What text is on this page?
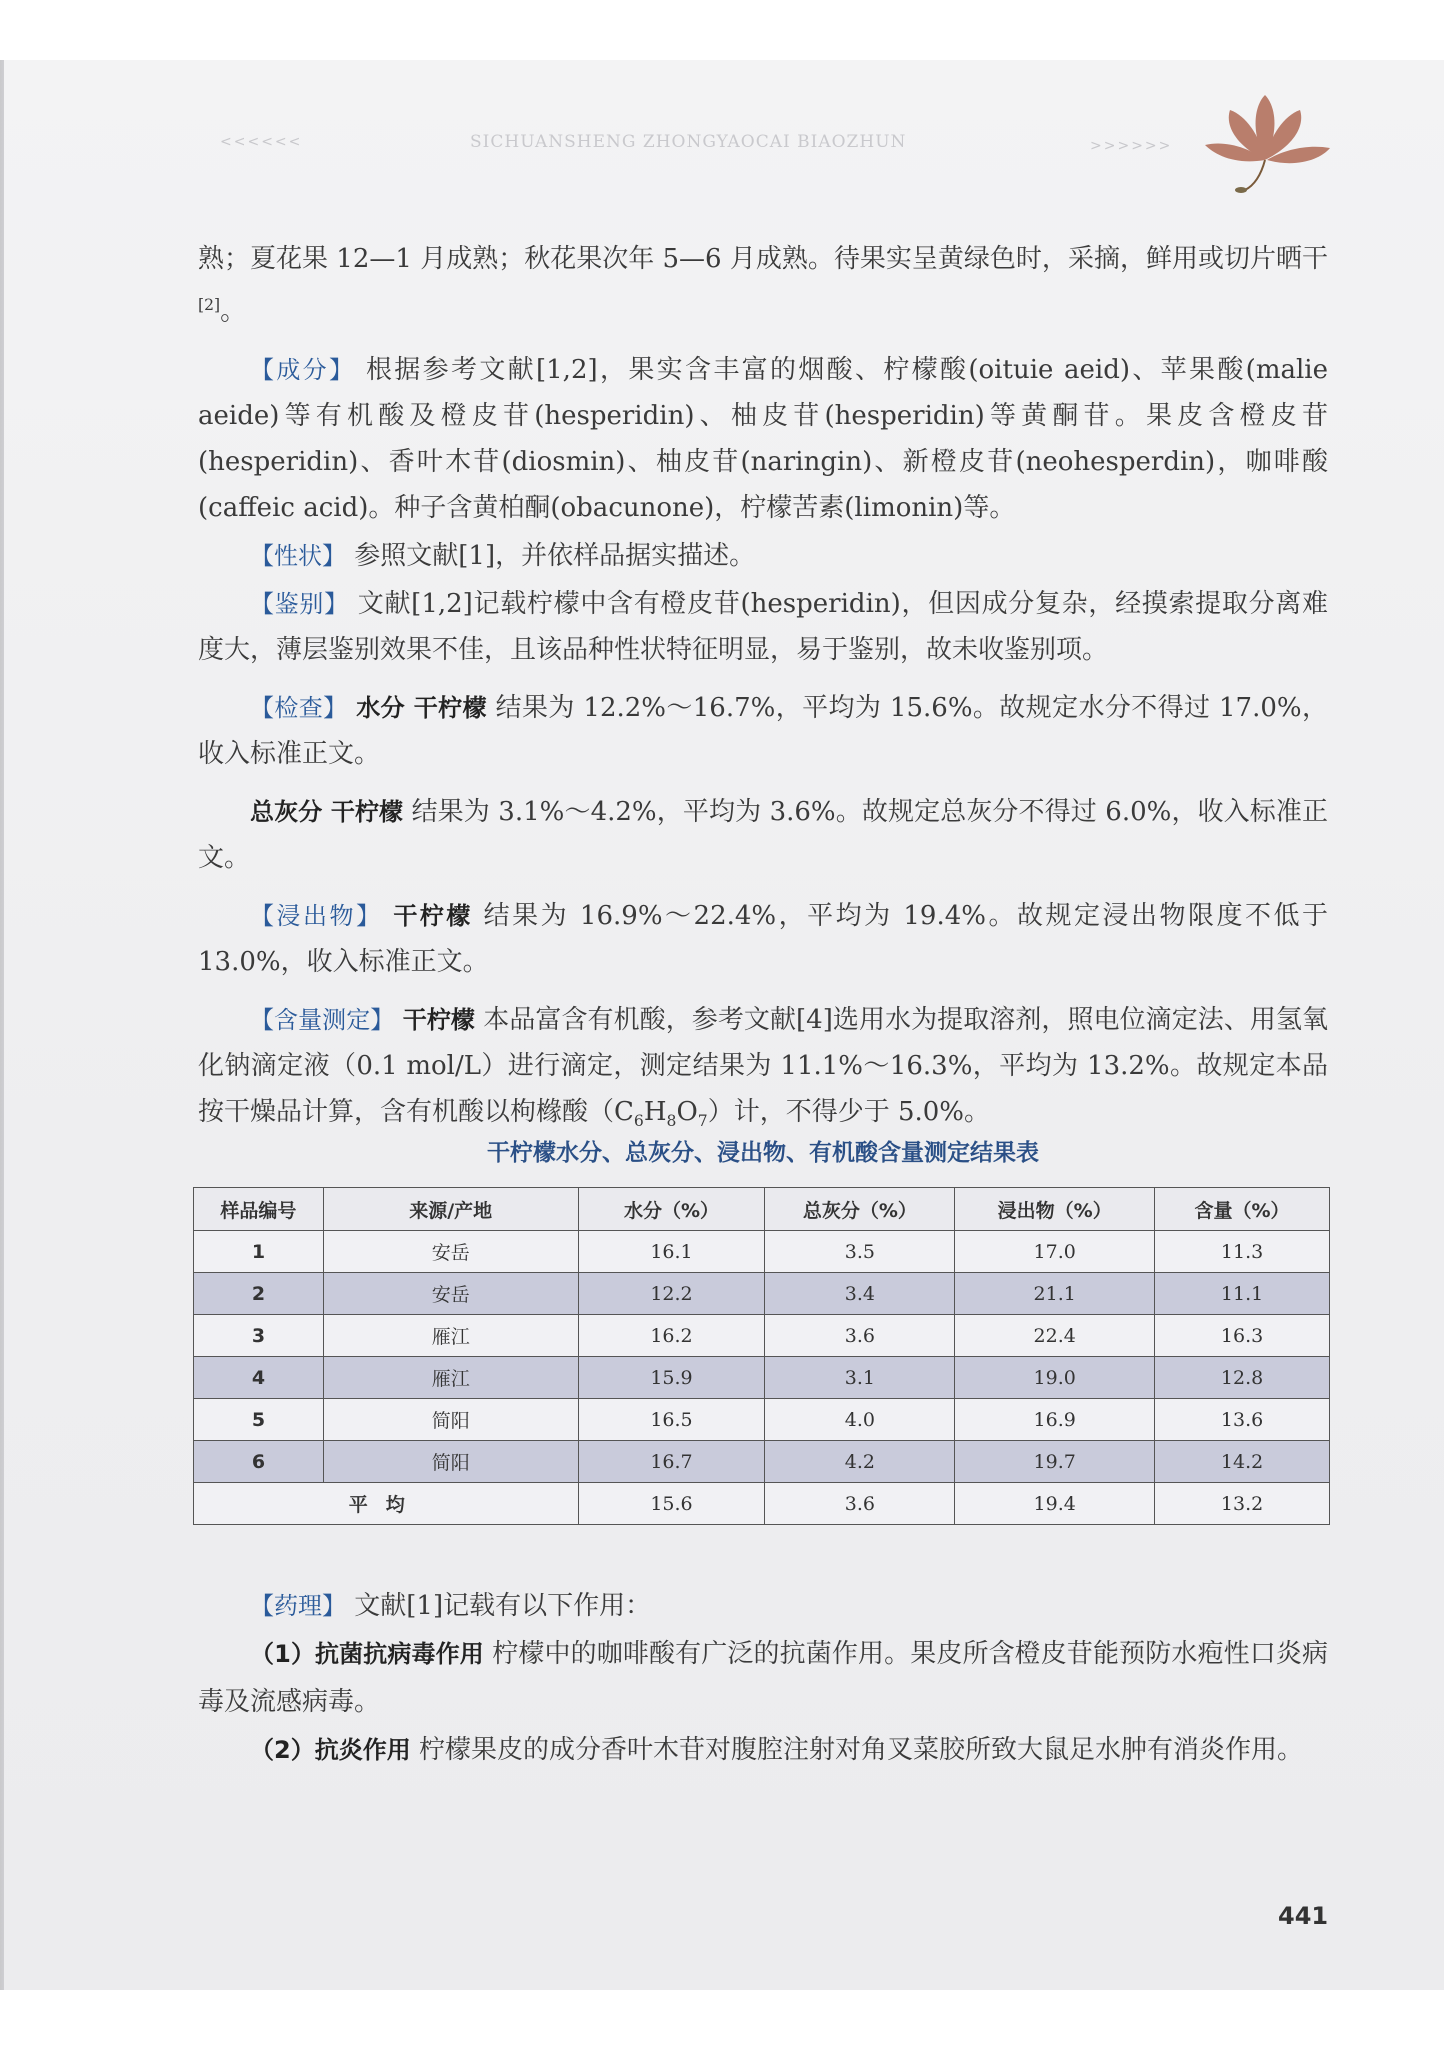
<<<<<<	SICHUANSHENG ZHONGYAOCAI BIAOZHUN	>>>>>>

熟；夏花果 12—1 月成熟；秋花果次年 5—6 月成熟。待果实呈黄绿色时，采摘，鲜用或切片晒干[2]。

【成分】 根据参考文献[1,2]，果实含丰富的烟酸、柠檬酸(oituie aeid)、苹果酸(malie aeide)等有机酸及橙皮苷(hesperidin)、柚皮苷(hesperidin)等黄酮苷。果皮含橙皮苷(hesperidin)、香叶木苷(diosmin)、柚皮苷(naringin)、新橙皮苷(neohesperdin)，咖啡酸(caffeic acid)。种子含黄柏酮(obacunone)，柠檬苦素(limonin)等。

【性状】 参照文献[1]，并依样品据实描述。

【鉴别】 文献[1,2]记载柠檬中含有橙皮苷(hesperidin)，但因成分复杂，经摸索提取分离难度大，薄层鉴别效果不佳，且该品种性状特征明显，易于鉴别，故未收鉴别项。

【检查】 水分 干柠檬 结果为 12.2%～16.7%，平均为 15.6%。故规定水分不得过 17.0%，收入标准正文。

总灰分 干柠檬 结果为 3.1%～4.2%，平均为 3.6%。故规定总灰分不得过 6.0%，收入标准正文。

【浸出物】 干柠檬 结果为 16.9%～22.4%，平均为 19.4%。故规定浸出物限度不低于 13.0%，收入标准正文。

【含量测定】 干柠檬 本品富含有机酸，参考文献[4]选用水为提取溶剂，照电位滴定法、用氢氧化钠滴定液（0.1 mol/L）进行滴定，测定结果为 11.1%～16.3%，平均为 13.2%。故规定本品按干燥品计算，含有机酸以枸橼酸$(C_6H_8O_7)$计，不得少于 5.0%。

干柠檬水分、总灰分、浸出物、有机酸含量测定结果表
样品编号	来源/产地	水分（%）	总灰分（%）	浸出物（%）	含量（%）
1	安岳	16.1	3.5	17.0	11.3
2	安岳	12.2	3.4	21.1	11.1
3	雁江	16.2	3.6	22.4	16.3
4	雁江	15.9	3.1	19.0	12.8
5	简阳	16.5	4.0	16.9	13.6
6	简阳	16.7	4.2	19.7	14.2
平均		15.6	3.6	19.4	13.2

【药理】 文献[1]记载有以下作用：

（1）抗菌抗病毒作用 柠檬中的咖啡酸有广泛的抗菌作用。果皮所含橙皮苷能预防水疱性口炎病毒及流感病毒。

（2）抗炎作用 柠檬果皮的成分香叶木苷对腹腔注射对角叉菜胶所致大鼠足水肿有消炎作用。

441
